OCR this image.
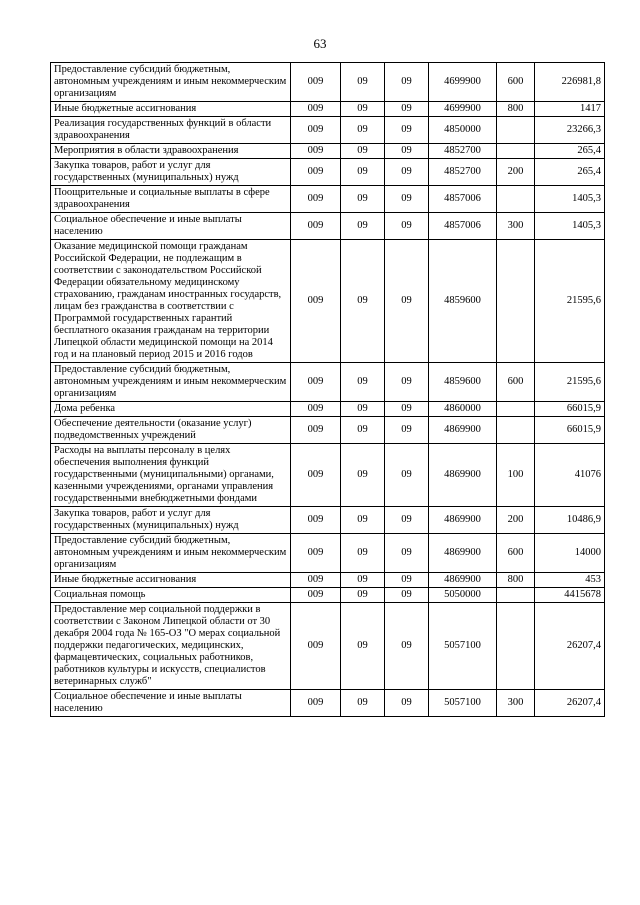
63
Предоставление субсидий бюджетным, автономным учреждениям и иным некоммерческим организациям	009	09	09	4699900	600	226981,8
Иные бюджетные ассигнования	009	09	09	4699900	800	1417
Реализация государственных функций в области здравоохранения	009	09	09	4850000		23266,3
Мероприятия в области здравоохранения	009	09	09	4852700		265,4
Закупка товаров, работ и услуг для государственных (муниципальных) нужд	009	09	09	4852700	200	265,4
Поощрительные и социальные выплаты в сфере здравоохранения	009	09	09	4857006		1405,3
Социальное обеспечение и иные выплаты населению	009	09	09	4857006	300	1405,3
Оказание медицинской помощи гражданам Российской Федерации, не подлежащим в соответствии с законодательством Российской Федерации обязательному медицинскому страхованию, гражданам иностранных государств, лицам без гражданства в соответствии с Программой государственных гарантий бесплатного оказания гражданам на территории Липецкой области медицинской помощи на 2014 год и на плановый период 2015 и 2016 годов	009	09	09	4859600		21595,6
Предоставление субсидий бюджетным, автономным учреждениям и иным некоммерческим организациям	009	09	09	4859600	600	21595,6
Дома ребенка	009	09	09	4860000		66015,9
Обеспечение деятельности (оказание услуг) подведомственных учреждений	009	09	09	4869900		66015,9
Расходы на выплаты персоналу в целях обеспечения выполнения функций государственными (муниципальными) органами, казенными учреждениями, органами управления государственными внебюджетными фондами	009	09	09	4869900	100	41076
Закупка товаров, работ и услуг для государственных (муниципальных) нужд	009	09	09	4869900	200	10486,9
Предоставление субсидий бюджетным, автономным учреждениям и иным некоммерческим организациям	009	09	09	4869900	600	14000
Иные бюджетные ассигнования	009	09	09	4869900	800	453
Социальная помощь	009	09	09	5050000		4415678
Предоставление мер социальной поддержки в соответствии с Законом Липецкой области от 30 декабря 2004 года № 165-ОЗ "О мерах социальной поддержки педагогических, медицинских, фармацевтических, социальных работников, работников культуры и искусств, специалистов ветеринарных служб"	009	09	09	5057100		26207,4
Социальное обеспечение и иные выплаты населению	009	09	09	5057100	300	26207,4
